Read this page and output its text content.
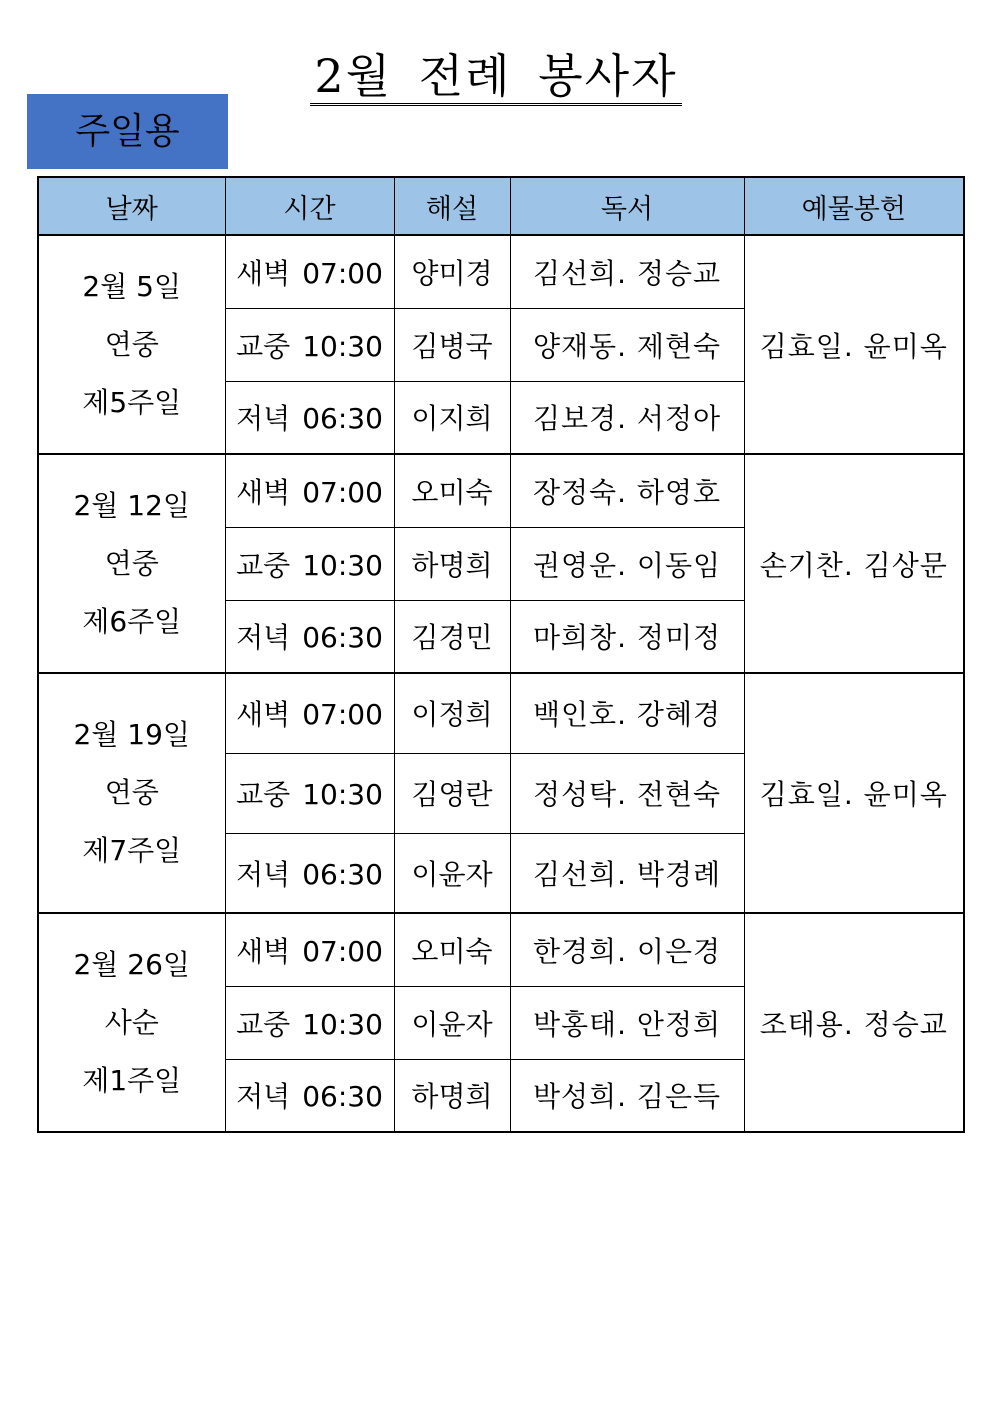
2월 전례 봉사자
주일용
날짜	시간	해설	독서	예물봉헌

2월 5일
연중
제5주일	새벽 07:00	양미경	김선희. 정승교	김효일. 윤미옥
	교중 10:30	김병국	양재동. 제현숙	
	저녁 06:30	이지희	김보경. 서정아	

2월 12일
연중
제6주일	새벽 07:00	오미숙	장정숙. 하영호	손기찬. 김상문
	교중 10:30	하명희	권영운. 이동임	
	저녁 06:30	김경민	마희창. 정미정	

2월 19일
연중
제7주일	새벽 07:00	이정희	백인호. 강혜경	김효일. 윤미옥
	교중 10:30	김영란	정성탁. 전현숙	
	저녁 06:30	이윤자	김선희. 박경례	

2월 26일
사순
제1주일	새벽 07:00	오미숙	한경희. 이은경	조태용. 정승교
	교중 10:30	이윤자	박홍태. 안정희	
	저녁 06:30	하명희	박성희. 김은득	
